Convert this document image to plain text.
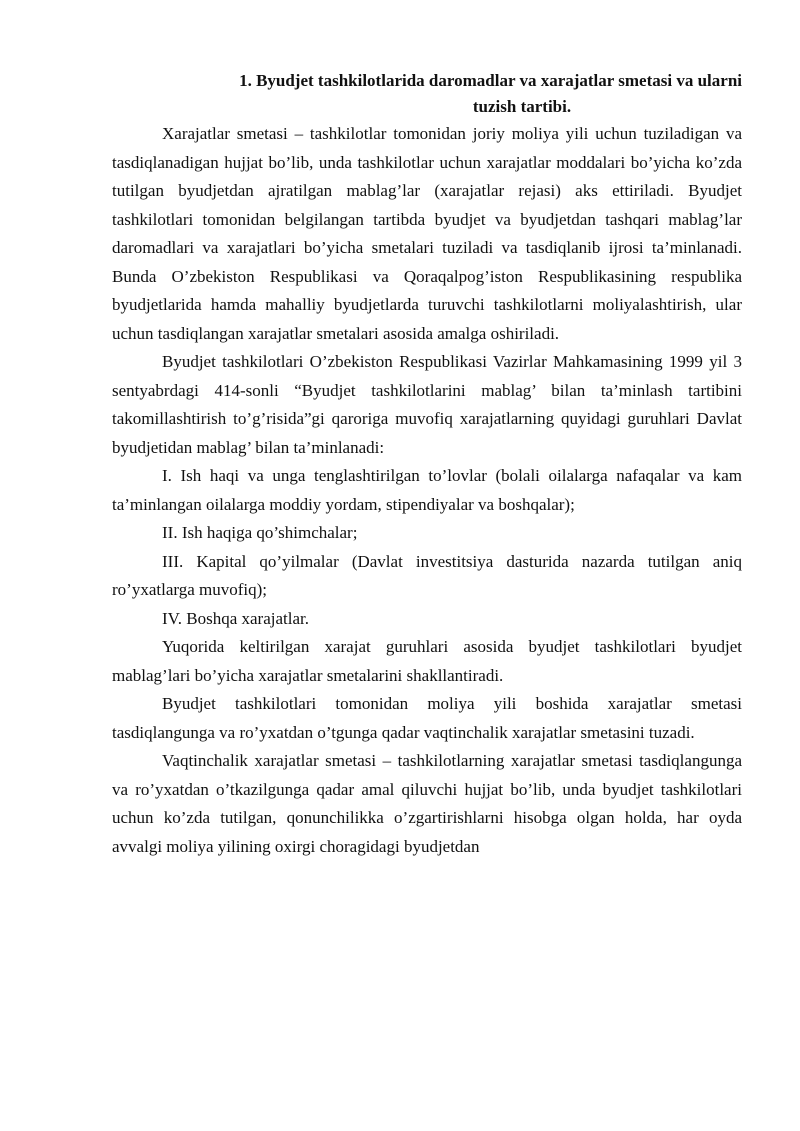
1. Byudjet tashkilotlarida daromadlar va xarajatlar smetasi va ularni
tuzish tartibi.

Xarajatlar smetasi – tashkilotlar tomonidan joriy moliya yili uchun tuziladigan va tasdiqlanadigan hujjat bo’lib, unda tashkilotlar uchun xarajatlar moddalari bo’yicha ko’zda tutilgan byudjetdan ajratilgan mablag’lar (xarajatlar rejasi) aks ettiriladi. Byudjet tashkilotlari tomonidan belgilangan tartibda byudjet va byudjetdan tashqari mablag’lar daromadlari va xarajatlari bo’yicha smetalari tuziladi va tasdiqlanib ijrosi ta’minlanadi. Bunda O’zbekiston Respublikasi va Qoraqalpog’iston Respublikasining respublika byudjetlarida hamda mahalliy byudjetlarda turuvchi tashkilotlarni moliyalashtirish, ular uchun tasdiqlangan xarajatlar smetalari asosida amalga oshiriladi.

Byudjet tashkilotlari O’zbekiston Respublikasi Vazirlar Mahkamasining 1999 yil 3 sentyabrdagi 414-sonli “Byudjet tashkilotlarini mablag’ bilan ta’minlash tartibini takomillashtirish to’g’risida”gi qaroriga muvofiq xarajatlarning quyidagi guruhlari Davlat byudjetidan mablag’ bilan ta’minlanadi:

I. Ish haqi va unga tenglashtirilgan to’lovlar (bolali oilalarga nafaqalar va kam ta’minlangan oilalarga moddiy yordam, stipendiyalar va boshqalar);

II. Ish haqiga qo’shimchalar;

III. Kapital qo’yilmalar (Davlat investitsiya dasturida nazarda tutilgan aniq ro’yxatlarga muvofiq);

IV. Boshqa xarajatlar.

Yuqorida keltirilgan xarajat guruhlari asosida byudjet tashkilotlari byudjet mablag’lari bo’yicha xarajatlar smetalarini shakllantiradi.

Byudjet tashkilotlari tomonidan moliya yili boshida xarajatlar smetasi tasdiqlangunga va ro’yxatdan o’tgunga qadar vaqtinchalik xarajatlar smetasini tuzadi.

Vaqtinchalik xarajatlar smetasi – tashkilotlarning xarajatlar smetasi tasdiqlangunga va ro’yxatdan o’tkazilgunga qadar amal qiluvchi hujjat bo’lib, unda byudjet tashkilotlari uchun ko’zda tutilgan, qonunchilikka o’zgartirishlarni hisobga olgan holda, har oyda avvalgi moliya yilining oxirgi choragidagi byudjetdan
